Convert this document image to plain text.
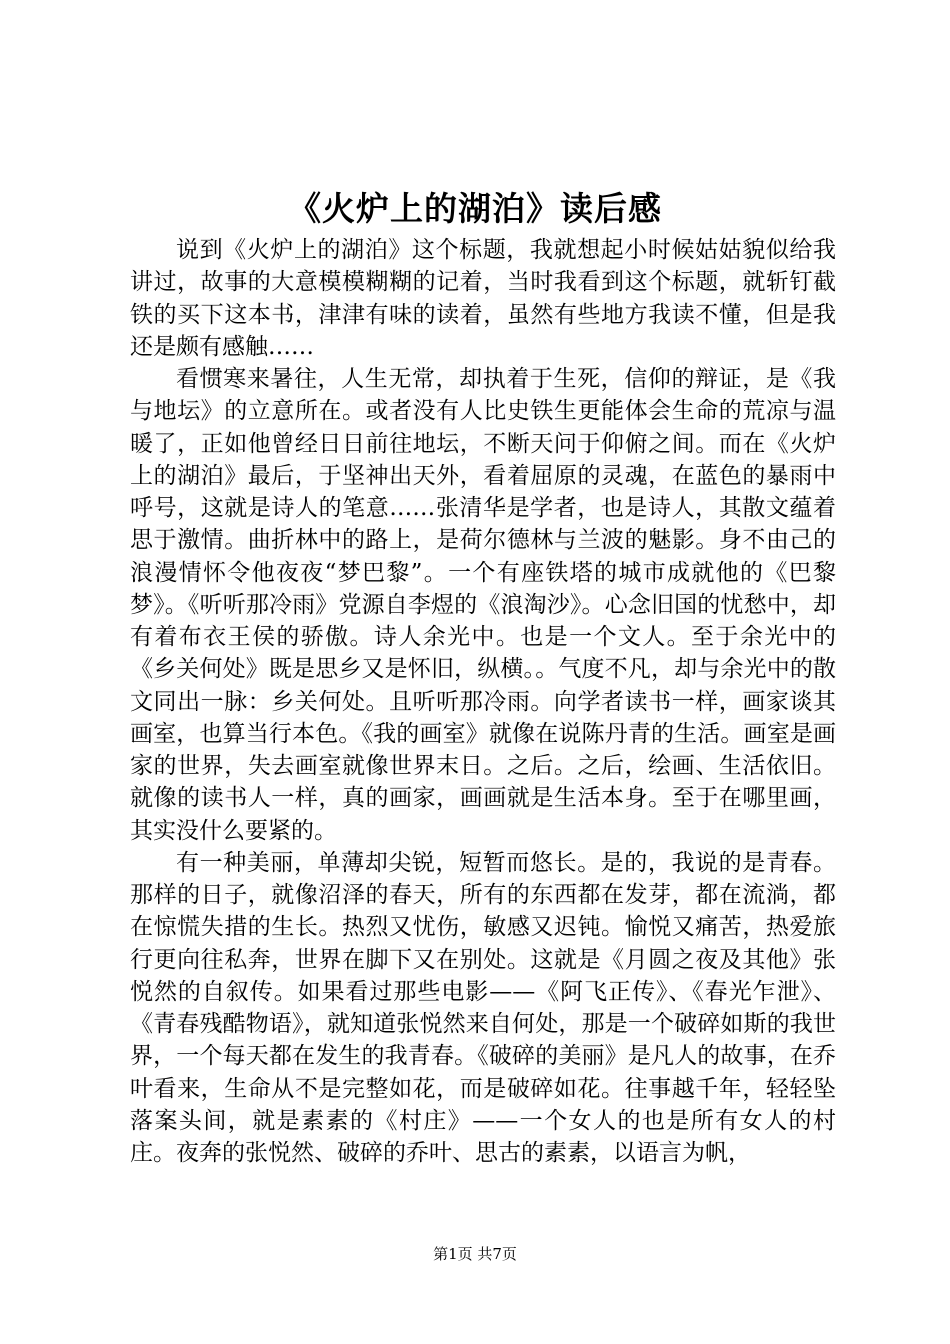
《火炉上的湖泊》读后感

说到《火炉上的湖泊》这个标题，我就想起小时候姑姑貌似给我讲过，故事的大意模模糊糊的记着，当时我看到这个标题，就斩钉截铁的买下这本书，津津有味的读着，虽然有些地方我读不懂，但是我还是颇有感触……

看惯寒来暑往，人生无常，却执着于生死，信仰的辩证，是《我与地坛》的立意所在。或者没有人比史铁生更能体会生命的荒凉与温暖了，正如他曾经日日前往地坛，不断天问于仰俯之间。而在《火炉上的湖泊》最后，于坚神出天外，看着屈原的灵魂，在蓝色的暴雨中呼号，这就是诗人的笔意……张清华是学者，也是诗人，其散文蕴着思于激情。曲折林中的路上，是荷尔德林与兰波的魅影。身不由己的浪漫情怀令他夜夜“梦巴黎”。一个有座铁塔的城市成就他的《巴黎梦》。《听听那冷雨》党源自李煜的《浪淘沙》。心念旧国的忧愁中，却有着布衣王侯的骄傲。诗人余光中。也是一个文人。至于余光中的《乡关何处》既是思乡又是怀旧，纵横。。气度不凡，却与余光中的散文同出一脉：乡关何处。且听听那冷雨。向学者读书一样，画家谈其画室，也算当行本色。《我的画室》就像在说陈丹青的生活。画室是画家的世界，失去画室就像世界末日。之后。之后，绘画、生活依旧。就像的读书人一样，真的画家，画画就是生活本身。至于在哪里画，其实没什么要紧的。

有一种美丽，单薄却尖锐，短暂而悠长。是的，我说的是青春。那样的日子，就像沼泽的春天，所有的东西都在发芽，都在流淌，都在惊慌失措的生长。热烈又忧伤，敏感又迟钝。愉悦又痛苦，热爱旅行更向往私奔，世界在脚下又在别处。这就是《月圆之夜及其他》张悦然的自叙传。如果看过那些电影——《阿飞正传》、《春光乍泄》、《青春残酷物语》，就知道张悦然来自何处，那是一个破碎如斯的我世界，一个每天都在发生的我青春。《破碎的美丽》是凡人的故事，在乔叶看来，生命从不是完整如花，而是破碎如花。往事越千年，轻轻坠落案头间，就是素素的《村庄》——一个女人的也是所有女人的村庄。夜奔的张悦然、破碎的乔叶、思古的素素，以语言为帆，

第1页 共7页
